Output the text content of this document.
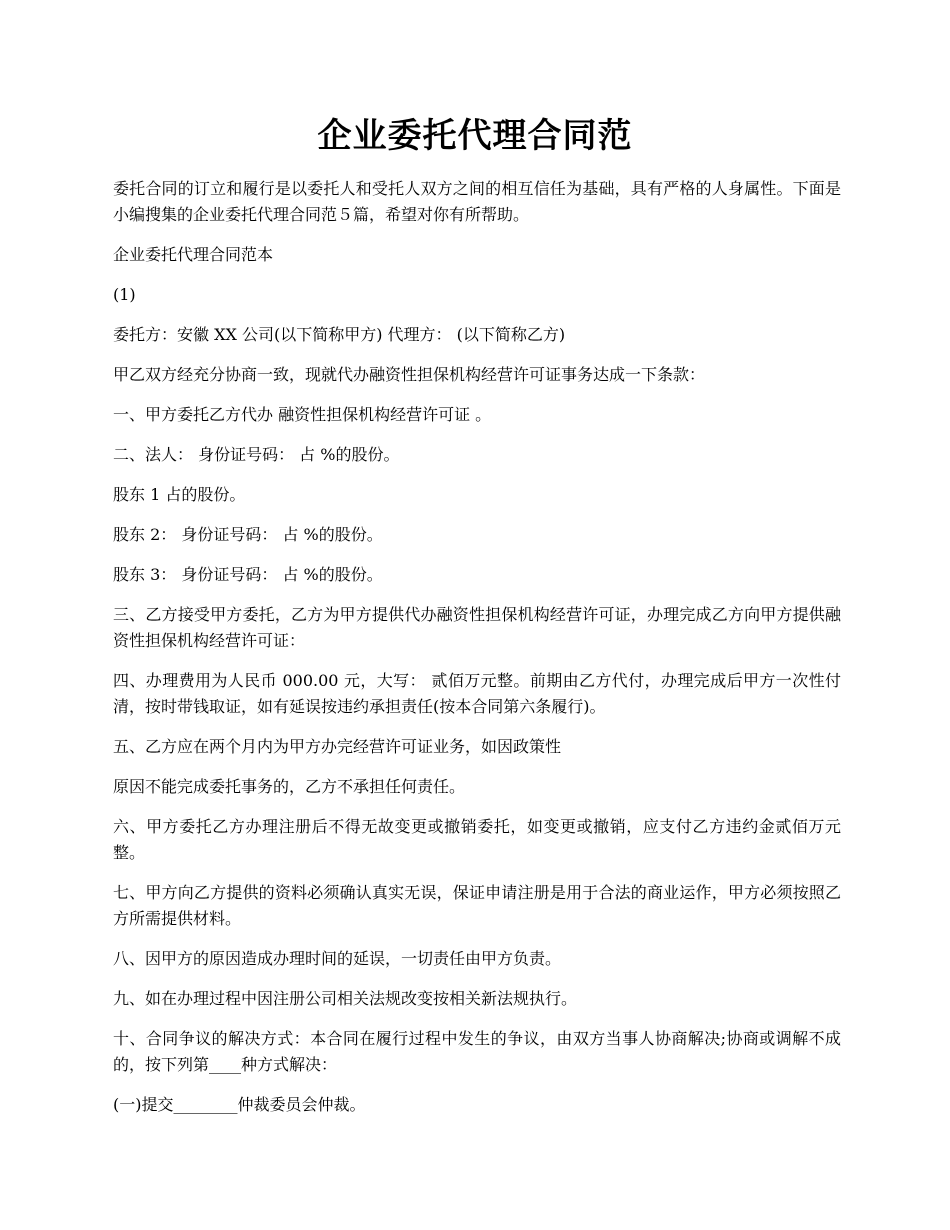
企业委托代理合同范

委托合同的订立和履行是以委托人和受托人双方之间的相互信任为基础，具有严格的人身属性。下面是小编搜集的企业委托代理合同范５篇，希望对你有所帮助。

企业委托代理合同范本

(1)

委托方：安徽 XX 公司(以下简称甲方) 代理方： (以下简称乙方)

甲乙双方经充分协商一致，现就代办融资性担保机构经营许可证事务达成一下条款：

一、甲方委托乙方代办 融资性担保机构经营许可证 。

二、法人： 身份证号码： 占 %的股份。

股东 1 占的股份。

股东 2： 身份证号码： 占 %的股份。

股东 3： 身份证号码： 占 %的股份。

三、乙方接受甲方委托，乙方为甲方提供代办融资性担保机构经营许可证，办理完成乙方向甲方提供融资性担保机构经营许可证：

四、办理费用为人民币 000.00 元，大写： 贰佰万元整。前期由乙方代付，办理完成后甲方一次性付清，按时带钱取证，如有延误按违约承担责任(按本合同第六条履行)。

五、乙方应在两个月内为甲方办完经营许可证业务，如因政策性

原因不能完成委托事务的，乙方不承担任何责任。

六、甲方委托乙方办理注册后不得无故变更或撤销委托，如变更或撤销，应支付乙方违约金贰佰万元整。

七、甲方向乙方提供的资料必须确认真实无误，保证申请注册是用于合法的商业运作，甲方必须按照乙方所需提供材料。

八、因甲方的原因造成办理时间的延误，一切责任由甲方负责。

九、如在办理过程中因注册公司相关法规改变按相关新法规执行。

十、合同争议的解决方式：本合同在履行过程中发生的争议，由双方当事人协商解决;协商或调解不成的，按下列第____种方式解决：

(一)提交________仲裁委员会仲裁。
